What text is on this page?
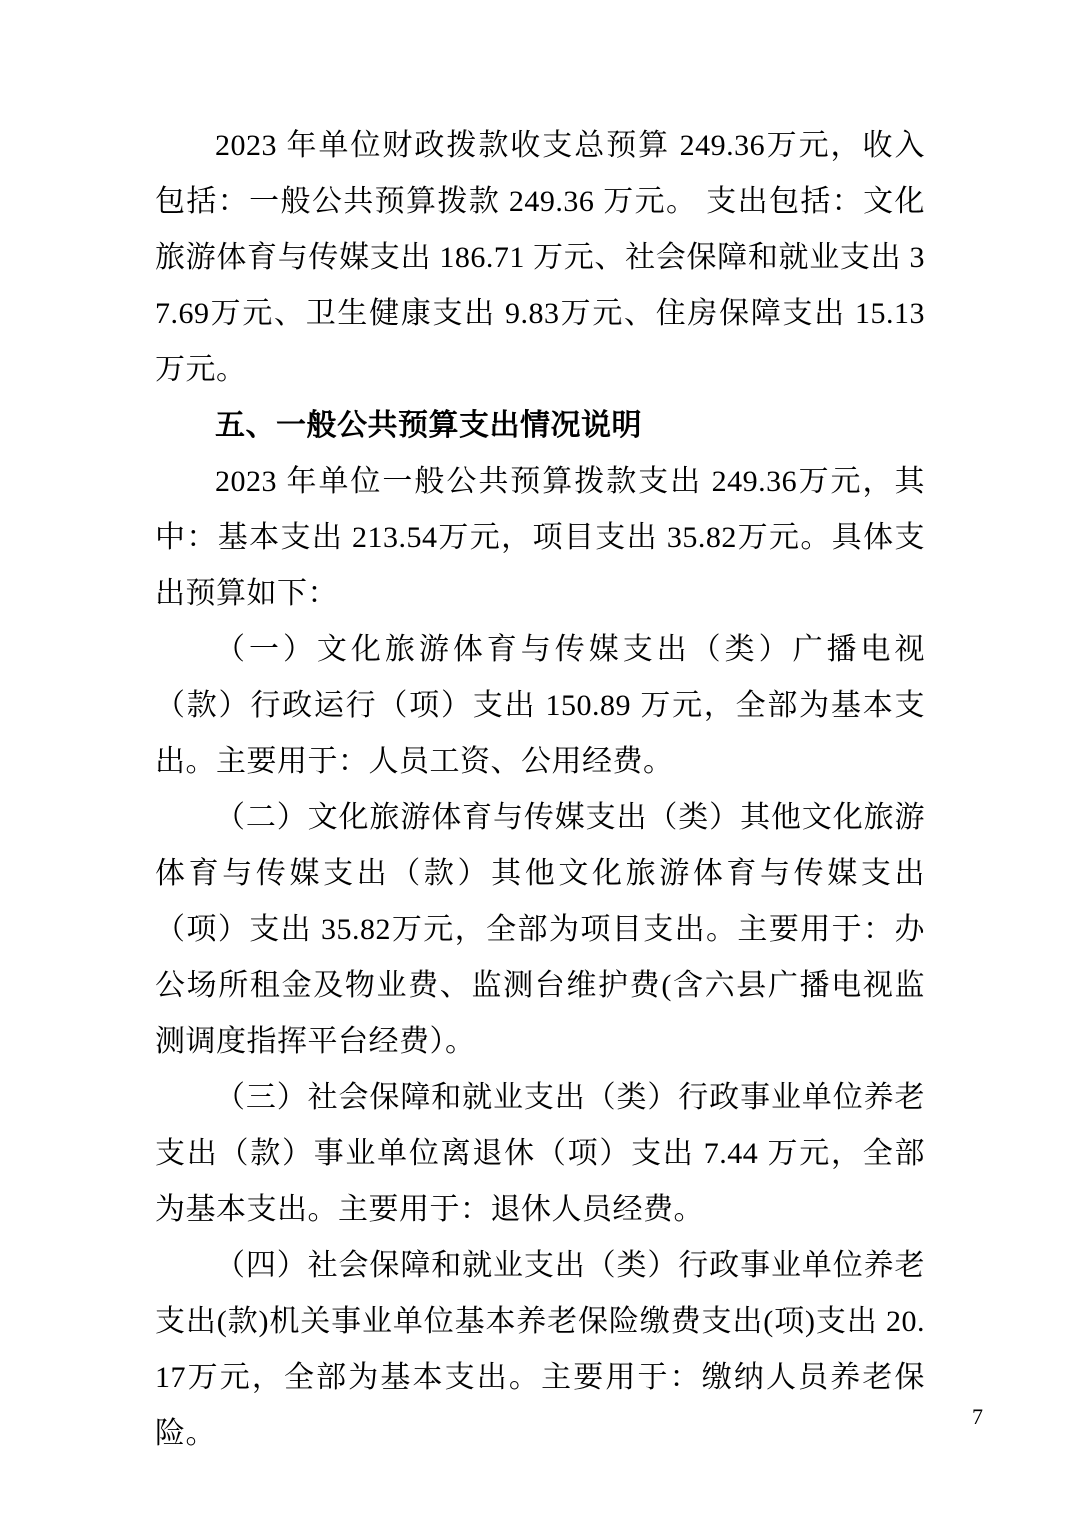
2023 年单位财政拨款收支总预算 249.36万元，收入包括：一般公共预算拨款 249.36 万元。 支出包括：文化旅游体育与传媒支出 186.71 万元、社会保障和就业支出 37.69万元、卫生健康支出 9.83万元、住房保障支出 15.13万元。

五、一般公共预算支出情况说明

2023 年单位一般公共预算拨款支出 249.36万元，其中：基本支出 213.54万元，项目支出 35.82万元。具体支出预算如下：

（一）文化旅游体育与传媒支出（类）广播电视（款）行政运行（项）支出 150.89 万元，全部为基本支出。主要用于：人员工资、公用经费。

（二）文化旅游体育与传媒支出（类）其他文化旅游体育与传媒支出（款）其他文化旅游体育与传媒支出（项）支出 35.82万元，全部为项目支出。主要用于：办公场所租金及物业费、监测台维护费(含六县广播电视监测调度指挥平台经费）。

（三）社会保障和就业支出（类）行政事业单位养老支出（款）事业单位离退休（项）支出 7.44 万元，全部为基本支出。主要用于：退休人员经费。

（四）社会保障和就业支出（类）行政事业单位养老支出(款)机关事业单位基本养老保险缴费支出(项)支出 20.17万元，全部为基本支出。主要用于：缴纳人员养老保险。

7
